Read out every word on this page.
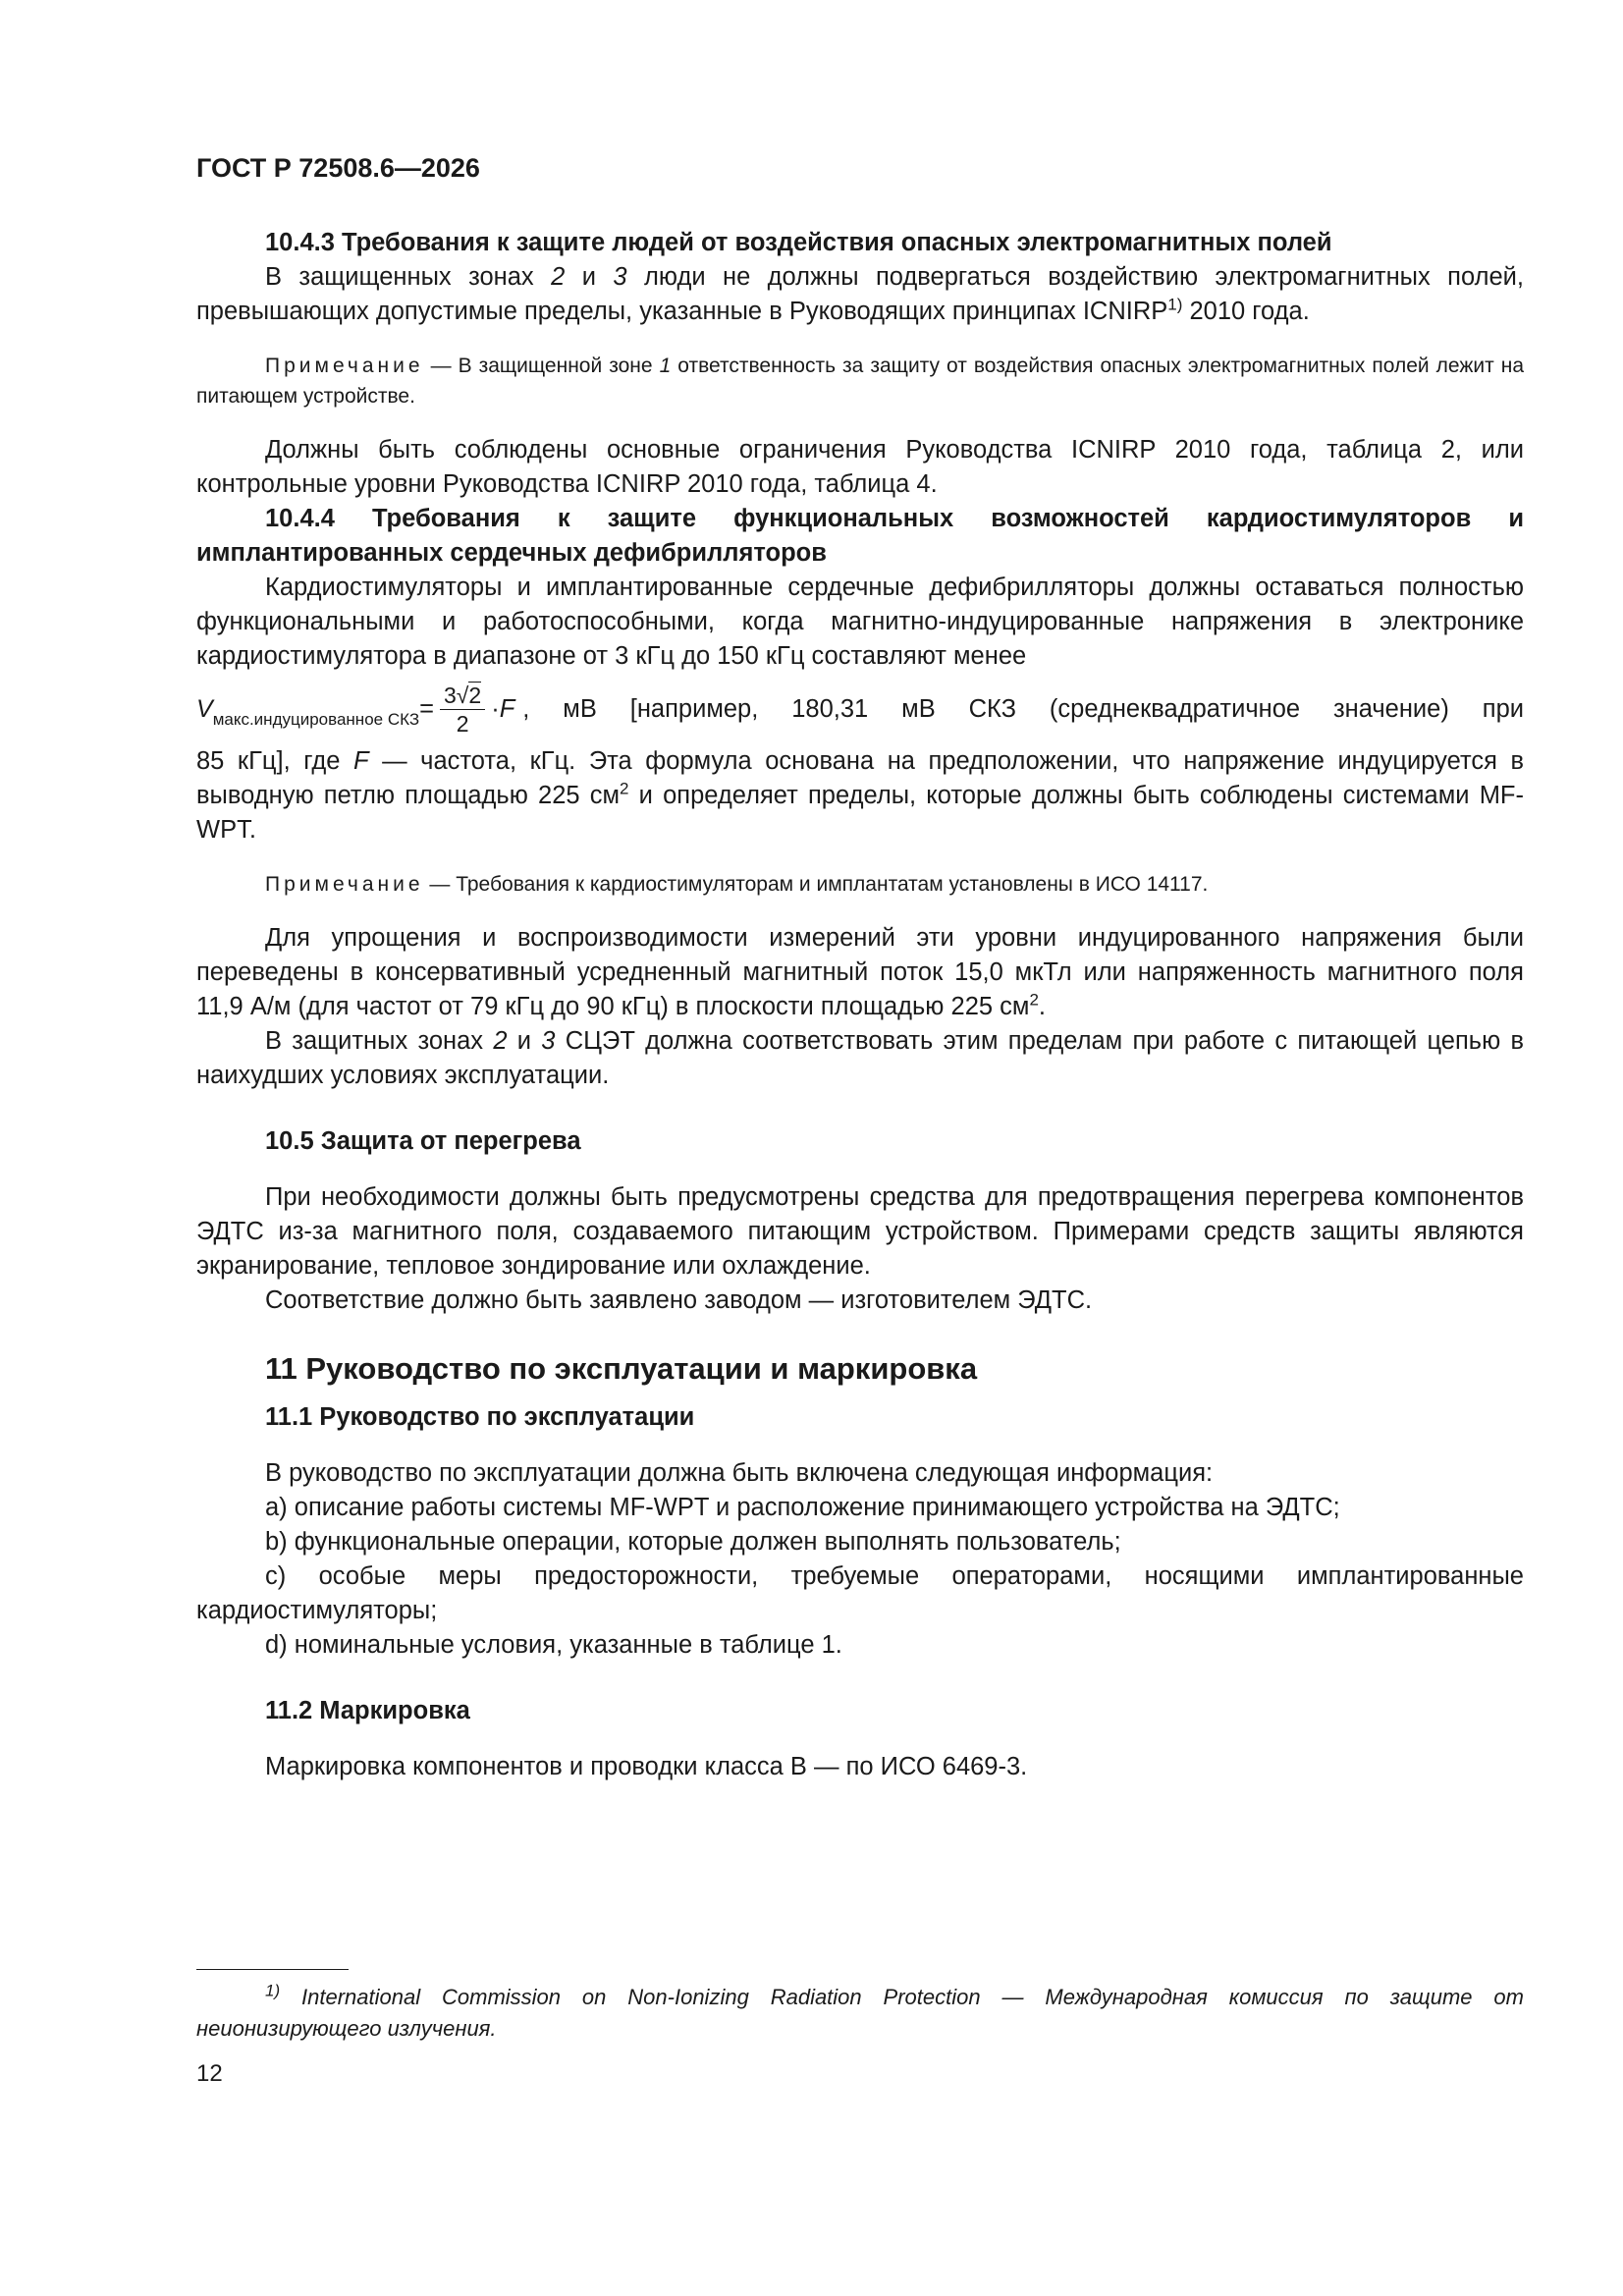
ГОСТ Р 72508.6—2026

10.4.3 Требования к защите людей от воздействия опасных электромагнитных полей

В защищенных зонах 2 и 3 люди не должны подвергаться воздействию электромагнитных полей, превышающих допустимые пределы, указанные в Руководящих принципах ICNIRP$^{1)}$ 2010 года.

Примечание — В защищенной зоне 1 ответственность за защиту от воздействия опасных электромагнитных полей лежит на питающем устройстве.

Должны быть соблюдены основные ограничения Руководства ICNIRP 2010 года, таблица 2, или контрольные уровни Руководства ICNIRP 2010 года, таблица 4.

10.4.4 Требования к защите функциональных возможностей кардиостимуляторов и имплантированных сердечных дефибрилляторов

Кардиостимуляторы и имплантированные сердечные дефибрилляторы должны оставаться полностью функциональными и работоспособными, когда магнитно-индуцированные напряжения в электронике кардиостимулятора в диапазоне от 3 кГц до 150 кГц составляют менее

V макс.индуцированное СКЗ = $\frac{3√2}{2} \cdot F$ , мВ [например, 180,31 мВ СКЗ (среднеквадратичное значение) при

85 кГц], где F — частота, кГц. Эта формула основана на предположении, что напряжение индуцируется в выводную петлю площадью 225 $см^2$ и определяет пределы, которые должны быть соблюдены системами MF-WPT.

Примечание — Требования к кардиостимуляторам и имплантатам установлены в ИСО 14117.

Для упрощения и воспроизводимости измерений эти уровни индуцированного напряжения были переведены в консервативный усредненный магнитный поток 15,0 мкТл или напряженность магнитного поля 11,9 А/м (для частот от 79 кГц до 90 кГц) в плоскости площадью 225 $см^2$.

В защитных зонах 2 и 3 СЦЭТ должна соответствовать этим пределам при работе с питающей цепью в наихудших условиях эксплуатации.

10.5 Защита от перегрева

При необходимости должны быть предусмотрены средства для предотвращения перегрева компонентов ЭДТС из-за магнитного поля, создаваемого питающим устройством. Примерами средств защиты являются экранирование, тепловое зондирование или охлаждение.

Соответствие должно быть заявлено заводом — изготовителем ЭДТС.

11 Руководство по эксплуатации и маркировка

11.1 Руководство по эксплуатации

В руководство по эксплуатации должна быть включена следующая информация:

a) описание работы системы MF-WPT и расположение принимающего устройства на ЭДТС;

b) функциональные операции, которые должен выполнять пользователь;

c) особые меры предосторожности, требуемые операторами, носящими имплантированные кардиостимуляторы;

d) номинальные условия, указанные в таблице 1.

11.2 Маркировка

Маркировка компонентов и проводки класса B — по ИСО 6469-3.

$^{1)}$ International Commission on Non-Ionizing Radiation Protection — Международная комиссия по защите от неионизирующего излучения.

12
